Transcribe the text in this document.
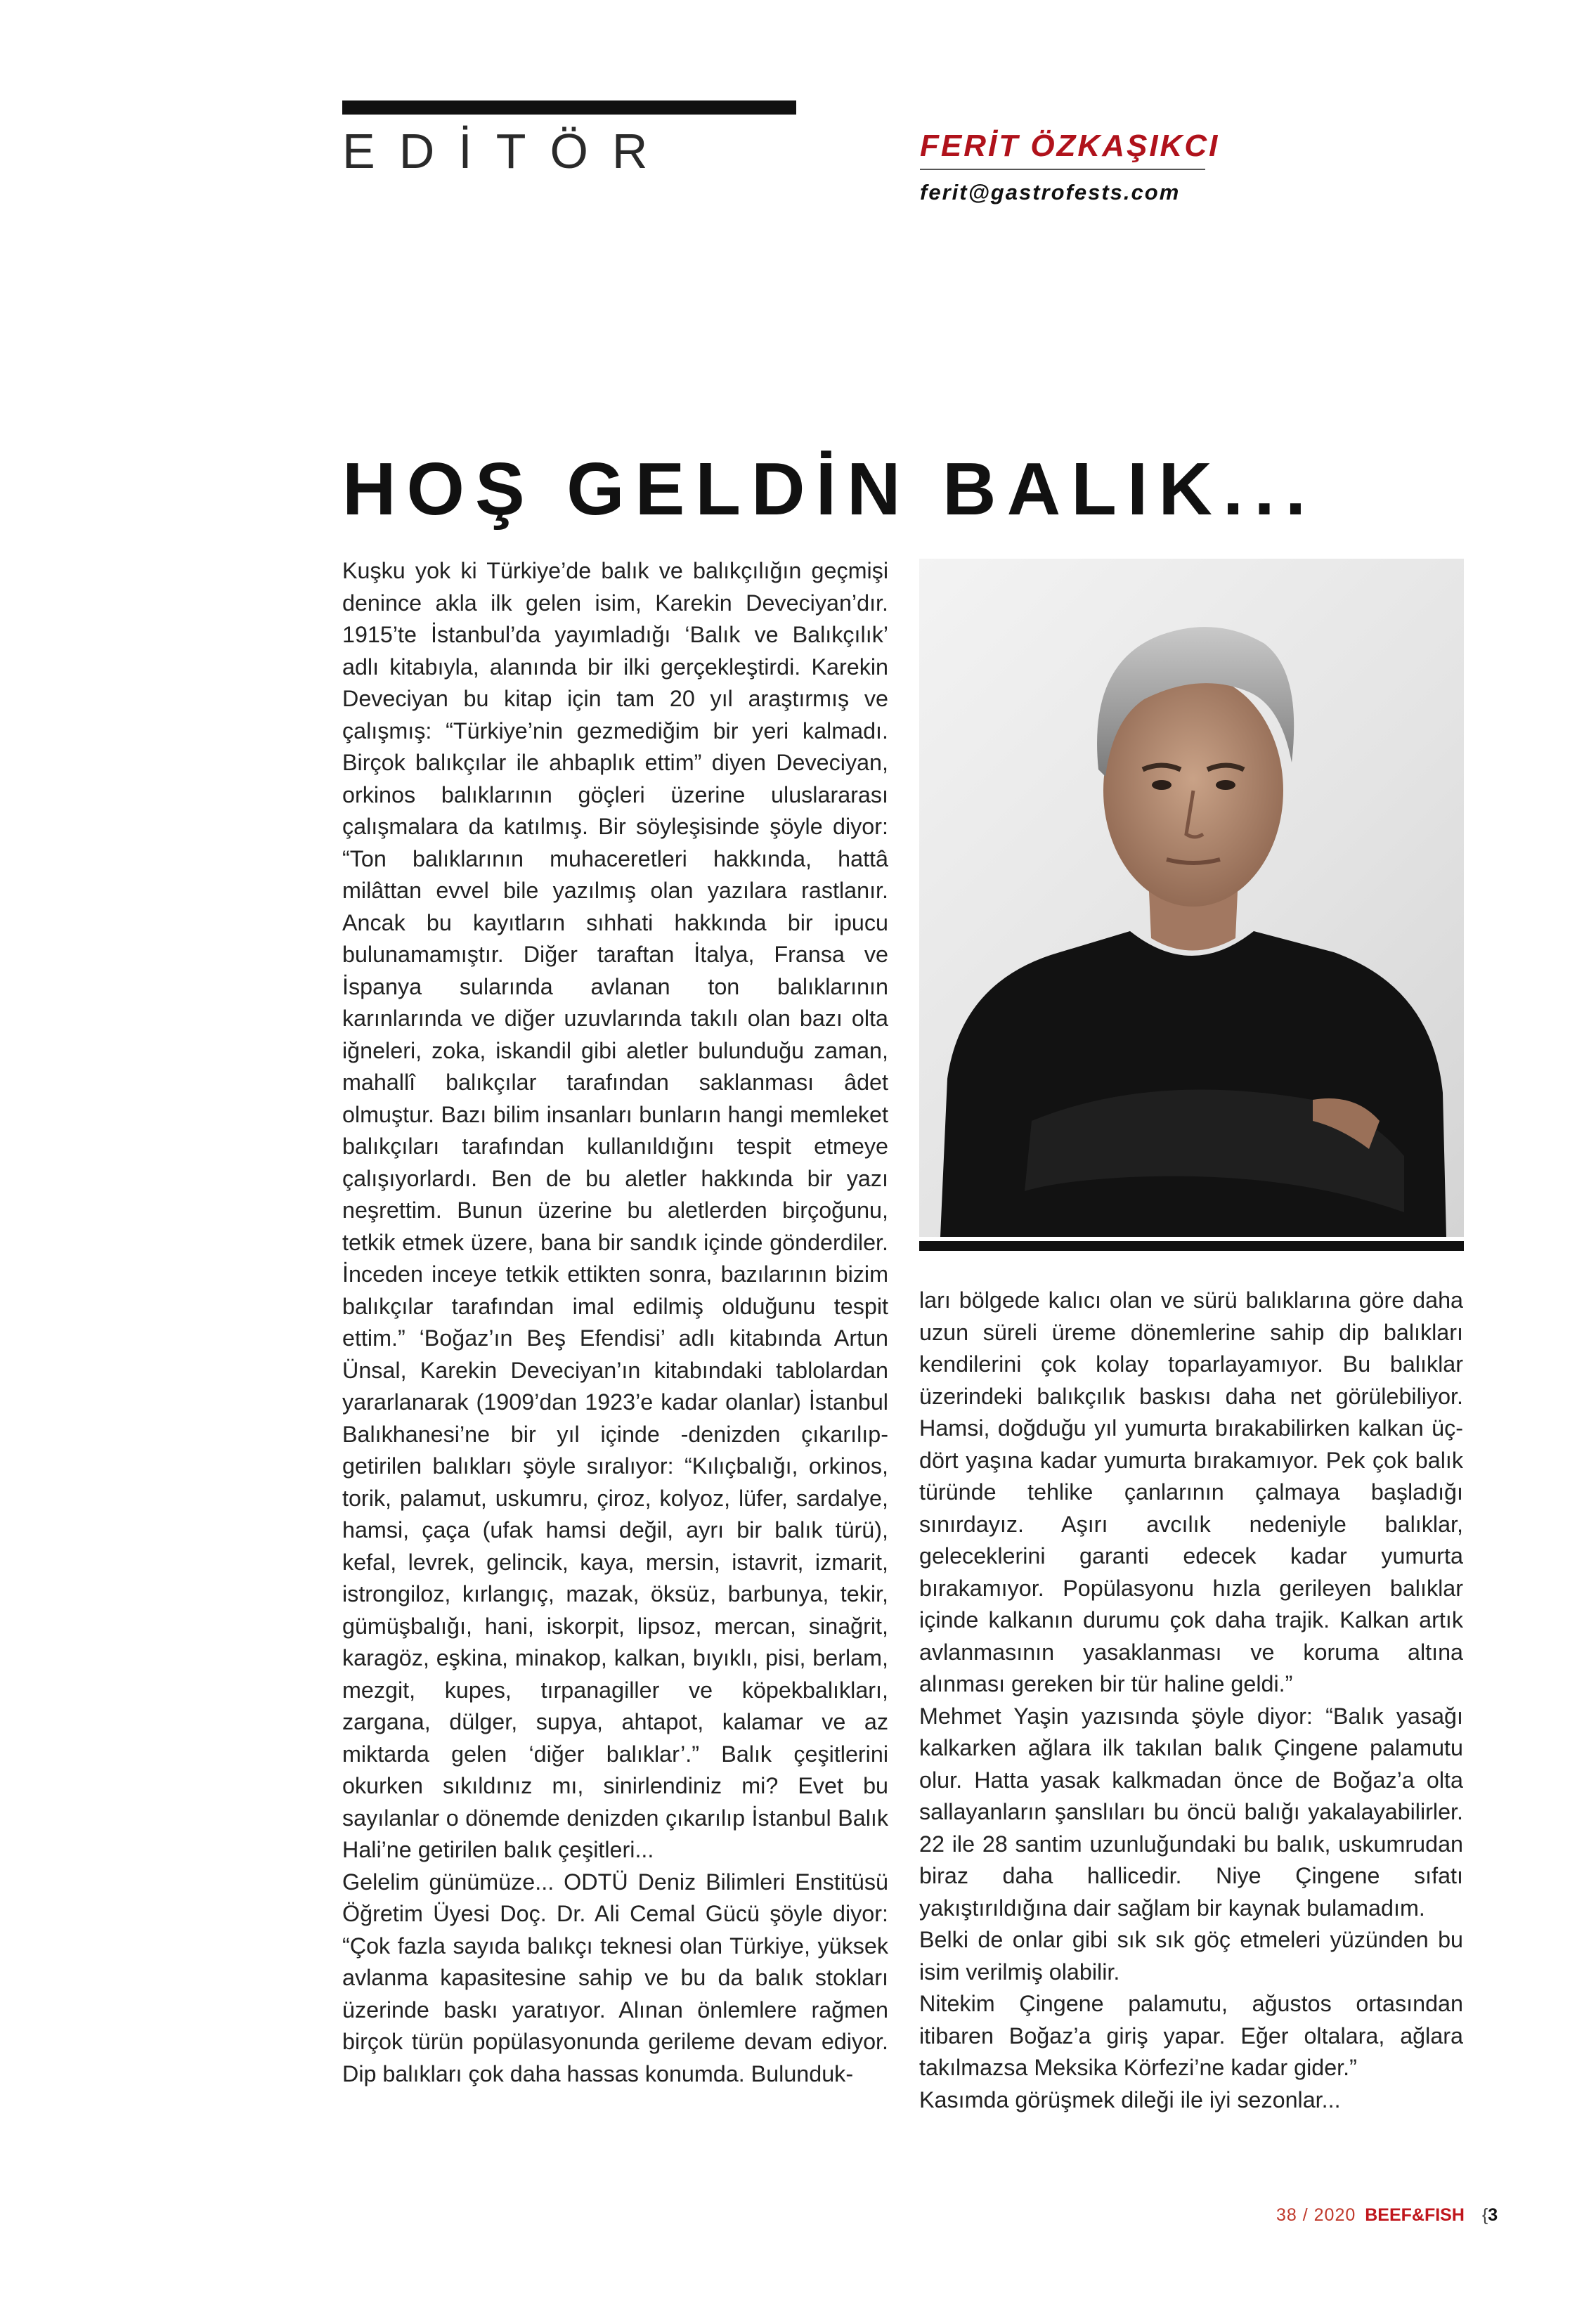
EDİTÖR	FERİT ÖZKAŞIKCI
ferit@gastrofests.com
HOŞ GELDİN BALIK...

Kuşku yok ki Türkiye’de balık ve balıkçılığın geçmişi denince akla ilk gelen isim, Karekin Deveciyan’dır. 1915’te İstanbul’da yayımladığı ‘Balık ve Balıkçılık’ adlı kitabıyla, alanında bir ilki gerçekleştirdi. Karekin Deveciyan bu kitap için tam 20 yıl araştırmış ve çalışmış: “Türkiye’nin gezmediğim bir yeri kalmadı. Birçok balıkçılar ile ahbaplık ettim” diyen Deveciyan, orkinos balıklarının göçleri üzerine uluslararası çalışmalara da katılmış. Bir söyleşisinde şöyle diyor: “Ton balıklarının muhaceretleri hakkında, hattâ milâttan evvel bile yazılmış olan yazılara rastlanır. Ancak bu kayıtların sıhhati hakkında bir ipucu bulunamamıştır. Diğer taraftan İtalya, Fransa ve İspanya sularında avlanan ton balıklarının karınlarında ve diğer uzuvlarında takılı olan bazı olta iğneleri, zoka, iskandil gibi aletler bulunduğu zaman, mahallî balıkçılar tarafından saklanması âdet olmuştur. Bazı bilim insanları bunların hangi memleket balıkçıları tarafından kullanıldığını tespit etmeye çalışıyorlardı. Ben de bu aletler hakkında bir yazı neşrettim. Bunun üzerine bu aletlerden birçoğunu, tetkik etmek üzere, bana bir sandık içinde gönderdiler. İnceden inceye tetkik ettikten sonra, bazılarının bizim balıkçılar tarafından imal edilmiş olduğunu tespit ettim.” ‘Boğaz’ın Beş Efendisi’ adlı kitabında Artun Ünsal, Karekin Deveciyan’ın kitabındaki tablolardan yararlanarak (1909’dan 1923’e kadar olanlar) İstanbul Balıkhanesi’ne bir yıl içinde -denizden çıkarılıp- getirilen balıkları şöyle sıralıyor: “Kılıçbalığı, orkinos, torik, palamut, uskumru, çiroz, kolyoz, lüfer, sardalye, hamsi, çaça (ufak hamsi değil, ayrı bir balık türü), kefal, levrek, gelincik, kaya, mersin, istavrit, izmarit, istrongiloz, kırlangıç, mazak, öksüz, barbunya, tekir, gümüşbalığı, hani, iskorpit, lipsoz, mercan, sinağrit, karagöz, eşkina, minakop, kalkan, bıyıklı, pisi, berlam, mezgit, kupes, tırpanagiller ve köpekbalıkları, zargana, dülger, supya, ahtapot, kalamar ve az miktarda gelen ‘diğer balıklar’.” Balık çeşitlerini okurken sıkıldınız mı, sinirlendiniz mi? Evet bu sayılanlar o dönemde denizden çıkarılıp İstanbul Balık Hali’ne getirilen balık çeşitleri...

Gelelim günümüze... ODTÜ Deniz Bilimleri Enstitüsü Öğretim Üyesi Doç. Dr. Ali Cemal Gücü şöyle diyor: “Çok fazla sayıda balıkçı teknesi olan Türkiye, yüksek avlanma kapasitesine sahip ve bu da balık stokları üzerinde baskı yaratıyor. Alınan önlemlere rağmen birçok türün popülasyonunda gerileme devam ediyor. Dip balıkları çok daha hassas konumda. Bulunduk-

ları bölgede kalıcı olan ve sürü balıklarına göre daha uzun süreli üreme dönemlerine sahip dip balıkları kendilerini çok kolay toparlayamıyor. Bu balıklar üzerindeki balıkçılık baskısı daha net görülebiliyor. Hamsi, doğduğu yıl yumurta bırakabilirken kalkan üç-dört yaşına kadar yumurta bırakamıyor. Pek çok balık türünde tehlike çanlarının çalmaya başladığı sınırdayız. Aşırı avcılık nedeniyle balıklar, geleceklerini garanti edecek kadar yumurta bırakamıyor. Popülasyonu hızla gerileyen balıklar içinde kalkanın durumu çok daha trajik. Kalkan artık avlanmasının yasaklanması ve koruma altına alınması gereken bir tür haline geldi.”

Mehmet Yaşin yazısında şöyle diyor: “Balık yasağı kalkarken ağlara ilk takılan balık Çingene palamutu olur. Hatta yasak kalkmadan önce de Boğaz’a olta sallayanların şanslıları bu öncü balığı yakalayabilirler. 22 ile 28 santim uzunluğundaki bu balık, uskumrudan biraz daha hallicedir. Niye Çingene sıfatı yakıştırıldığına dair sağlam bir kaynak bulamadım.

Belki de onlar gibi sık sık göç etmeleri yüzünden bu isim verilmiş olabilir.

Nitekim Çingene palamutu, ağustos ortasından itibaren Boğaz’a giriş yapar. Eğer oltalara, ağlara takılmazsa Meksika Körfezi’ne kadar gider.”

Kasımda görüşmek dileği ile iyi sezonlar...

38 / 2020 BEEF&FISH {3
